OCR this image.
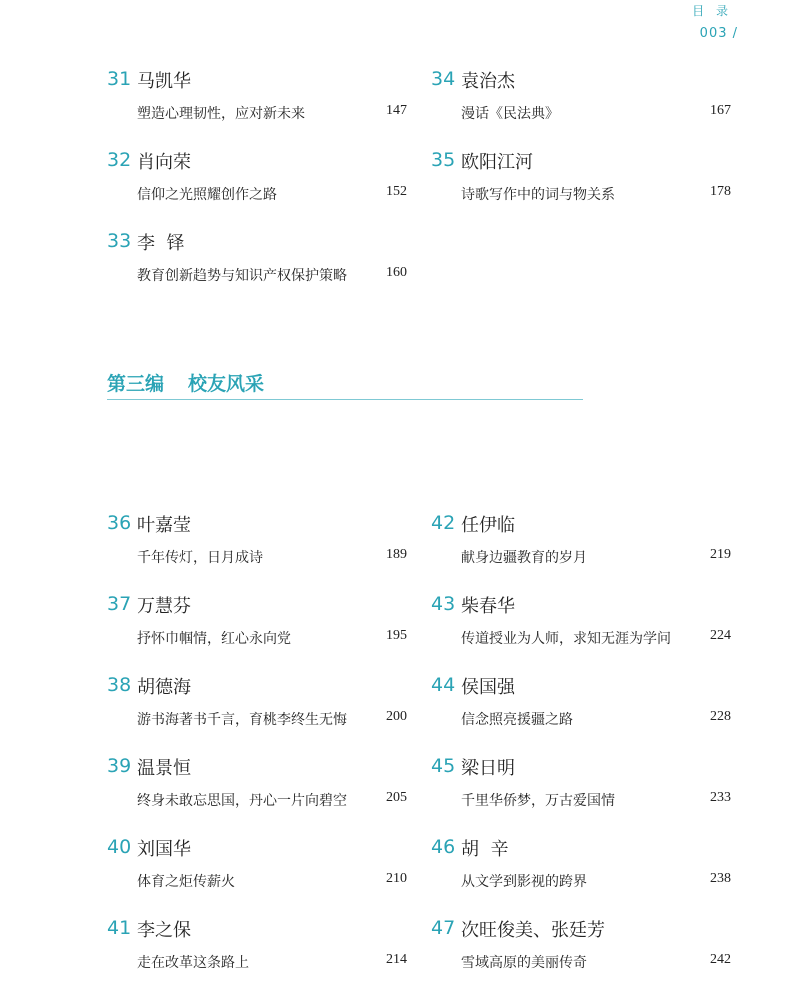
目 录
003 /
31 马凯华
塑造心理韧性，应对新未来	147
32 肖向荣
信仰之光照耀创作之路	152
33 李  铎
教育创新趋势与知识产权保护策略	160
34 袁治杰
漫话《民法典》	167
35 欧阳江河
诗歌写作中的词与物关系	178
第三编 校友风采
36 叶嘉莹
千年传灯，日月成诗	189
37 万慧芬
抒怀巾帼情，红心永向党	195
38 胡德海
游书海著书千言，育桃李终生无悔	200
39 温景恒
终身未敢忘思国，丹心一片向碧空	205
40 刘国华
体育之炬传薪火	210
41 李之保
走在改革这条路上	214
42 任伊临
献身边疆教育的岁月	219
43 柴春华
传道授业为人师，求知无涯为学问	224
44 侯国强
信念照亮援疆之路	228
45 梁日明
千里华侨梦，万古爱国情	233
46 胡  辛
从文学到影视的跨界	238
47 次旺俊美、张廷芳
雪域高原的美丽传奇	242
